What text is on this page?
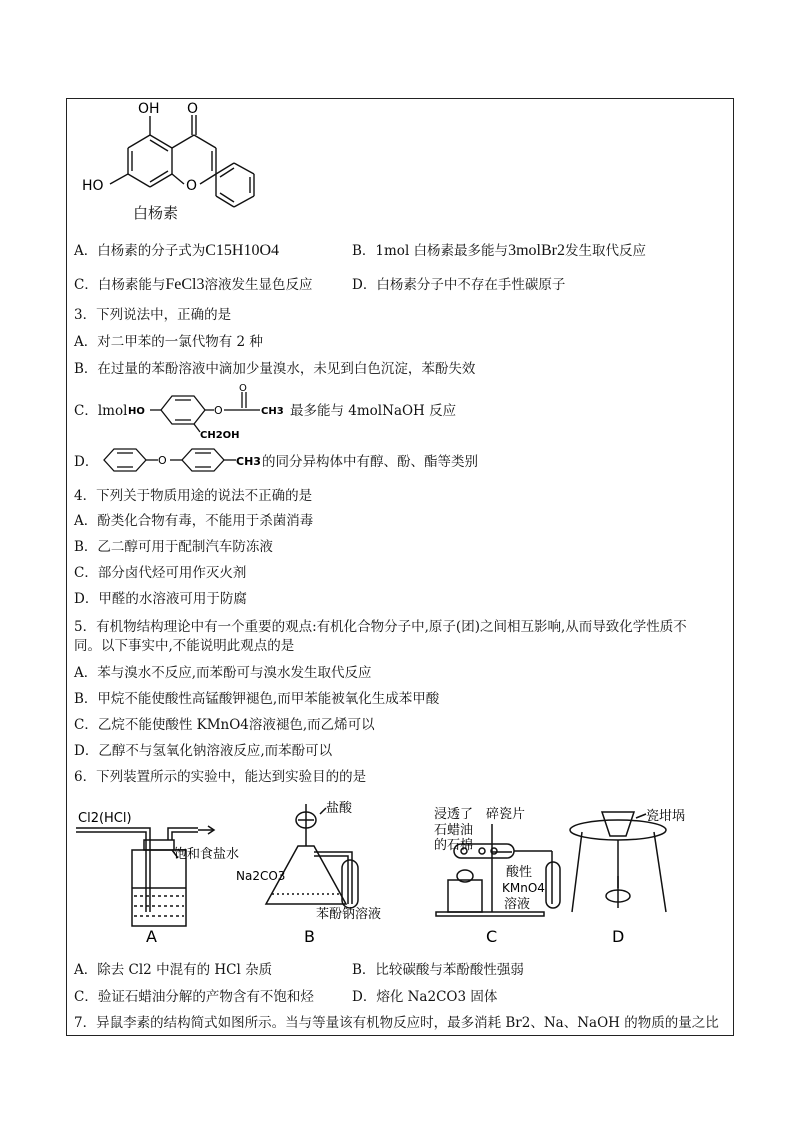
OH O
HO	O
白杨素
A．白杨素的分子式为C15H10O4	B．1mol 白杨素最多能与3molBr2发生取代反应
C．白杨素能与FeCl3溶液发生显色反应	D．白杨素分子中不存在手性碳原子
3．下列说法中，正确的是
A．对二甲苯的一氯代物有 2 种
B．在过量的苯酚溶液中滴加少量溴水，未见到白色沉淀，苯酚失效
C．lmol HO	O
O
CH3
CH2OH
最多能与 4molNaOH 反应
D．	O	CH3 的同分异构体中有醇、酚、酯等类别
4．下列关于物质用途的说法不正确的是
A．酚类化合物有毒，不能用于杀菌消毒
B．乙二醇可用于配制汽车防冻液
C．部分卤代烃可用作灭火剂
D．甲醛的水溶液可用于防腐
5．有机物结构理论中有一个重要的观点:有机化合物分子中,原子(团)之间相互影响,从而导致化学性质不
同。以下事实中,不能说明此观点的是
A．苯与溴水不反应,而苯酚可与溴水发生取代反应
B．甲烷不能使酸性高锰酸钾褪色,而甲苯能被氧化生成苯甲酸
C．乙烷不能使酸性 KMnO4溶液褪色,而乙烯可以
D．乙醇不与氢氧化钠溶液反应,而苯酚可以
6．下列装置所示的实验中，能达到实验目的的是
Cl2(HCl)
饱和食盐水
A
盐酸
Na2CO3
苯酚钠溶液
B
浸透了 碎瓷片
石蜡油
的石棉
酸性
KMnO4
溶液
C
瓷坩埚
D
A．除去 Cl2 中混有的 HCl 杂质	B．比较碳酸与苯酚酸性强弱
C．验证石蜡油分解的产物含有不饱和烃	D．熔化 Na2CO3 固体
7．异鼠李素的结构简式如图所示。当与等量该有机物反应时，最多消耗 Br2、Na、NaOH 的物质的量之比
